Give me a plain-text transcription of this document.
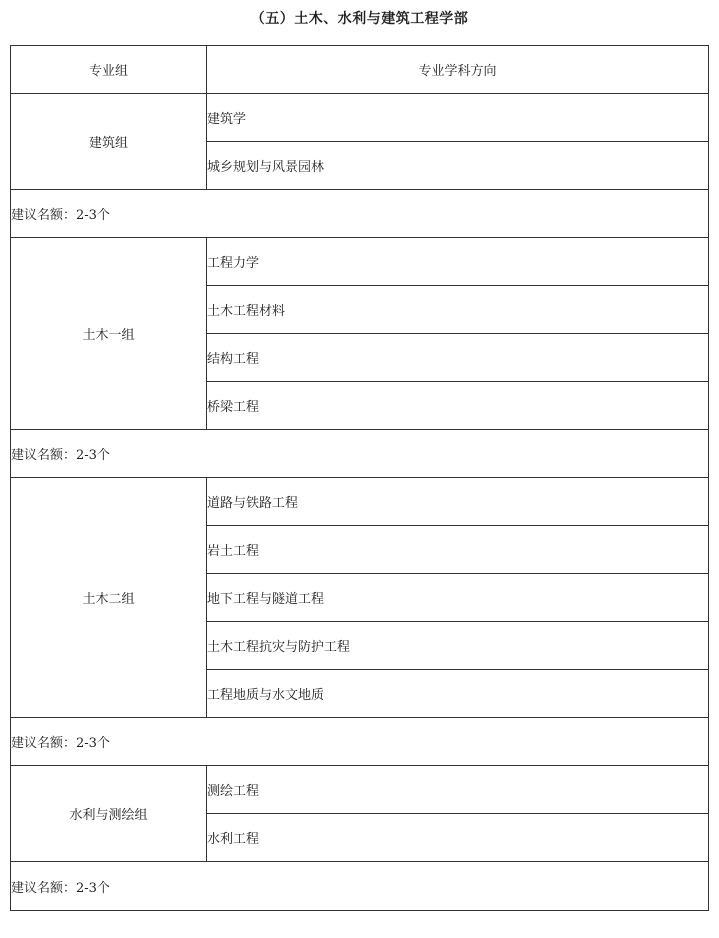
（五）土木、水利与建筑工程学部
专业组	专业学科方向
建筑组	建筑学
	城乡规划与风景园林
建议名额：2-3个	
土木一组	工程力学
	土木工程材料
	结构工程
	桥梁工程
建议名额：2-3个	
土木二组	道路与铁路工程
	岩土工程
	地下工程与隧道工程
	土木工程抗灾与防护工程
	工程地质与水文地质
建议名额：2-3个	
水利与测绘组	测绘工程
	水利工程
建议名额：2-3个	
